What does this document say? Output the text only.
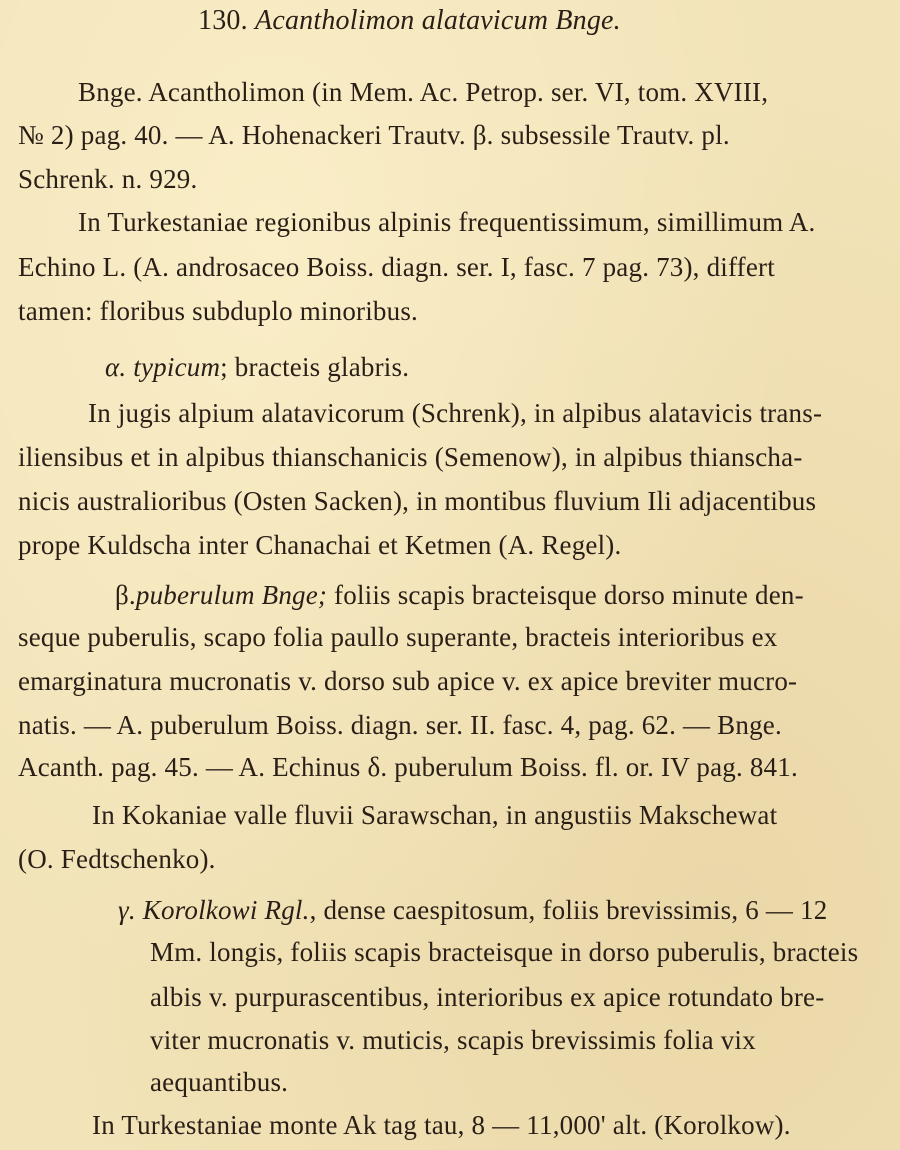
130. Acantholimon alatavicum Bnge.
Bnge. Acantholimon (in Mem. Ac. Petrop. ser. VI, tom. XVIII,
№ 2) pag. 40. — A. Hohenackeri Trautv. β. subsessile Trautv. pl.
Schrenk. n. 929.
In Turkestaniae regionibus alpinis frequentissimum, simillimum A.
Echino L. (A. androsaceo Boiss. diagn. ser. I, fasc. 7 pag. 73), differt
tamen: floribus subduplo minoribus.
α. typicum; bracteis glabris.
In jugis alpium alatavicorum (Schrenk), in alpibus alatavicis trans-
iliensibus et in alpibus thianschanicis (Semenow), in alpibus thiansсha-
nicis australioribus (Osten Sacken), in montibus fluvium Ili adjacentibus
prope Kuldscha inter Chanachai et Ketmen (A. Regel).
β.puberulum Bnge; foliis scapis bracteisque dorso minute den-
seque puberulis, scapo folia paullo superante, bracteis interioribus ex
emarginatura mucronatis v. dorso sub apice v. ex apice breviter mucro-
natis. — A. puberulum Boiss. diagn. ser. II. fasc. 4, pag. 62. — Bnge.
Acanth. pag. 45. — A. Echinus δ. puberulum Boiss. fl. or. IV pag. 841.
In Kokaniae valle fluvii Sarawschan, in angustiis Makschewat
(O. Fedtschenko).
γ. Korolkowi Rgl., dense caespitosum, foliis brevissimis, 6 — 12
Mm. longis, foliis scapis bracteisque in dorso puberulis, bracteis
albis v. purpurascentibus, interioribus ex apice rotundato bre-
viter mucronatis v. muticis, scapis brevissimis folia vix
aequantibus.
In Turkestaniae monte Ak tag tau, 8 — 11,000' alt. (Korolkow).
